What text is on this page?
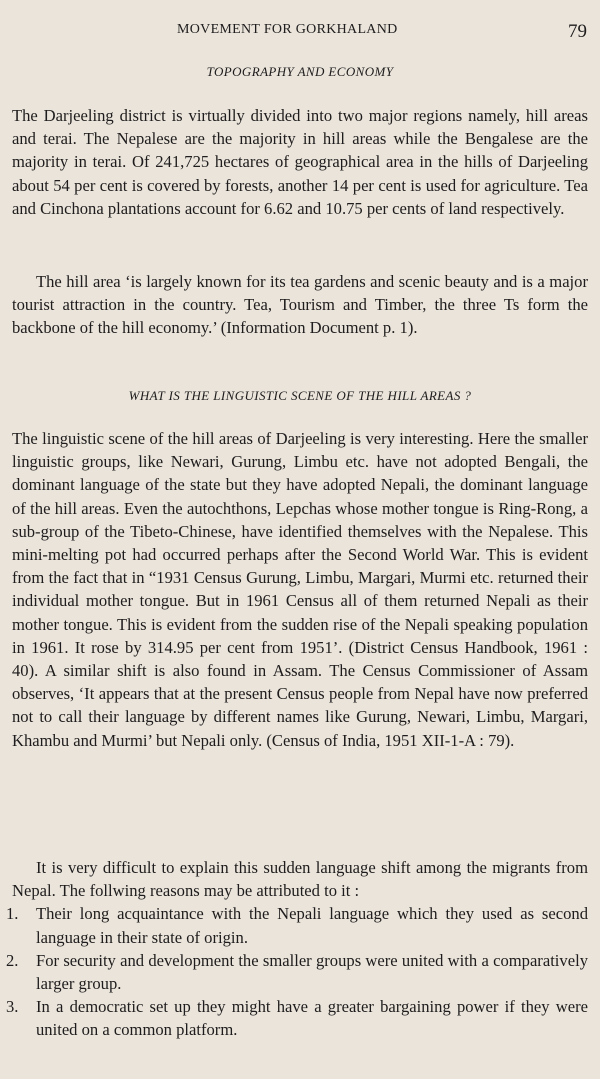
MOVEMENT FOR GORKHALAND	79
TOPOGRAPHY AND ECONOMY

The Darjeeling district is virtually divided into two major regions namely, hill areas and terai. The Nepalese are the majority in hill areas while the Bengalese are the majority in terai. Of 241,725 hectares of geographical area in the hills of Darjeeling about 54 per cent is covered by forests, another 14 per cent is used for agriculture. Tea and Cinchona plantations account for 6.62 and 10.75 per cents of land respectively.

The hill area ‘is largely known for its tea gardens and scenic beauty and is a major tourist attraction in the country. Tea, Tourism and Timber, the three Ts form the backbone of the hill economy.’ (Information Document p. 1).

WHAT IS THE LINGUISTIC SCENE OF THE HILL AREAS ?

The linguistic scene of the hill areas of Darjeeling is very interesting. Here the smaller linguistic groups, like Newari, Gurung, Limbu etc. have not adopted Bengali, the dominant language of the state but they have adopted Nepali, the dominant language of the hill areas. Even the autochthons, Lepchas whose mother tongue is Ring-Rong, a sub-group of the Tibeto-Chinese, have identified themselves with the Nepalese. This mini-melting pot had occurred perhaps after the Second World War. This is evident from the fact that in “1931 Census Gurung, Limbu, Margari, Murmi etc. returned their individual mother tongue. But in 1961 Census all of them returned Nepali as their mother tongue. This is evident from the sudden rise of the Nepali speaking population in 1961. It rose by 314.95 per cent from 1951’. (District Census Handbook, 1961 : 40). A similar shift is also found in Assam. The Census Commissioner of Assam observes, ‘It appears that at the present Census people from Nepal have now preferred not to call their language by different names like Gurung, Newari, Limbu, Margari, Khambu and Murmi’ but Nepali only. (Census of India, 1951 XII-1-A : 79).

It is very difficult to explain this sudden language shift among the migrants from Nepal. The follwing reasons may be attributed to it :

1. Their long acquaintance with the Nepali language which they used as second language in their state of origin.
2. For security and development the smaller groups were united with a comparatively larger group.
3. In a democratic set up they might have a greater bargaining power if they were united on a common platform.
